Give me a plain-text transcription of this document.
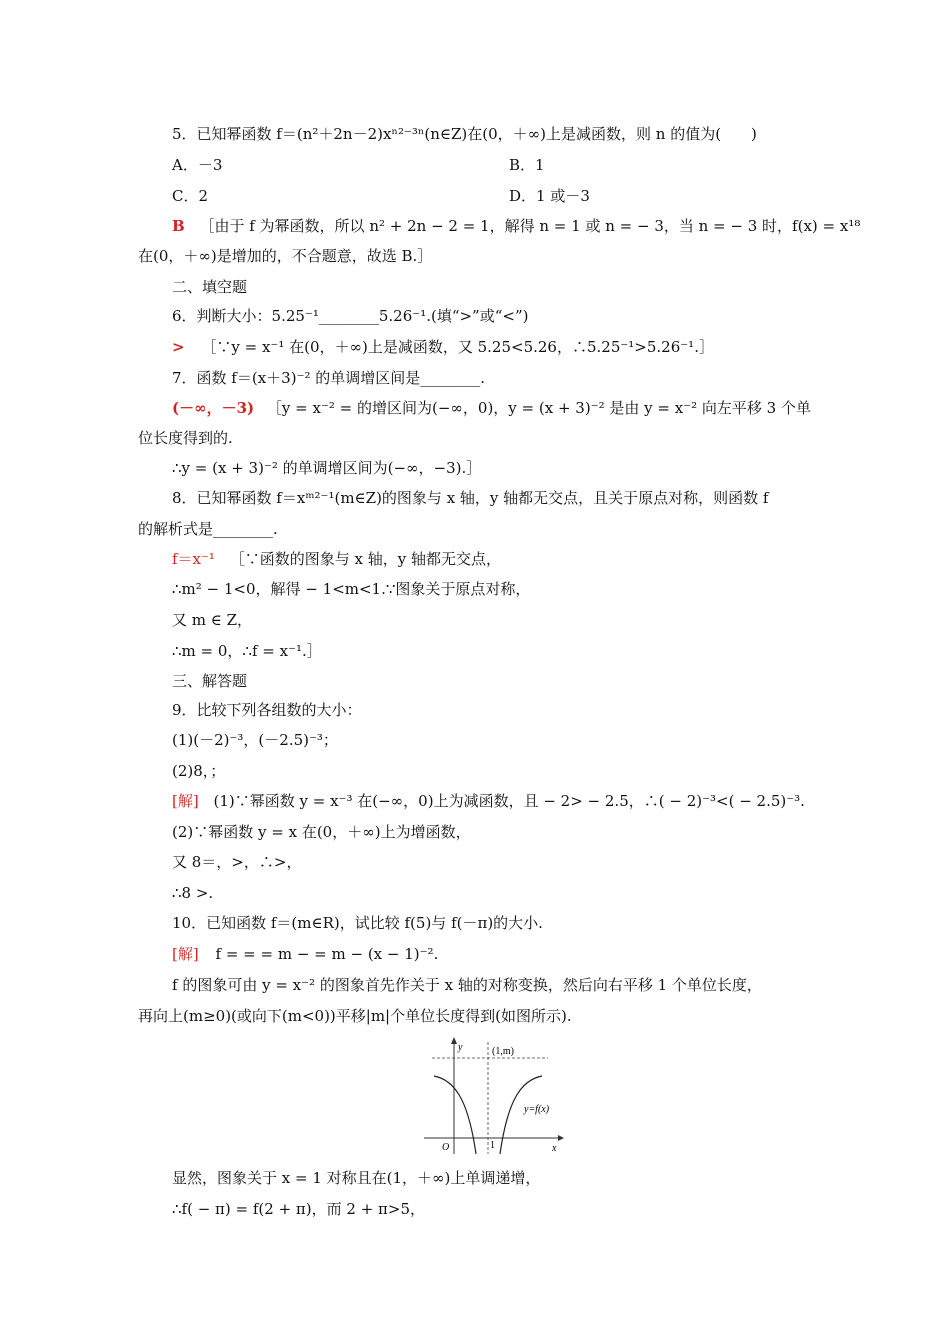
5．已知幂函数 f＝(n²＋2n－2)xⁿ²⁻³ⁿ(n∈Z)在(0，＋∞)上是减函数，则 n 的值为(　　)
A．－3	B．1
C．2	D．1 或－3
B ［由于 f 为幂函数，所以 n² + 2n − 2 = 1，解得 n = 1 或 n = − 3，当 n = − 3 时，f(x) = x¹⁸
在(0，＋∞)是增加的，不合题意，故选 B.］
二、填空题
6．判断大小：5.25⁻¹________5.26⁻¹.(填“>”或“<”)
> ［∵y = x⁻¹ 在(0，＋∞)上是减函数，又 5.25<5.26，∴5.25⁻¹>5.26⁻¹.］
7．函数 f＝(x＋3)⁻² 的单调增区间是________.
(－∞，－3) ［y = x⁻² = 的增区间为(−∞，0)，y = (x + 3)⁻² 是由 y = x⁻² 向左平移 3 个单
位长度得到的.
∴y = (x + 3)⁻² 的单调增区间为(−∞，−3).］
8．已知幂函数 f＝xᵐ²⁻¹(m∈Z)的图象与 x 轴，y 轴都无交点，且关于原点对称，则函数 f
的解析式是________.
f＝x⁻¹ ［∵函数的图象与 x 轴，y 轴都无交点，
∴m² − 1<0，解得 − 1<m<1.∵图象关于原点对称，
又 m ∈ Z，
∴m = 0，∴f = x⁻¹.］
三、解答题
9．比较下列各组数的大小：
(1)(－2)⁻³，(－2.5)⁻³；
(2)8，；
[解] (1)∵幂函数 y = x⁻³ 在(−∞，0)上为减函数，且 − 2> − 2.5，∴( − 2)⁻³<( − 2.5)⁻³.
(2)∵幂函数 y = x 在(0，＋∞)上为增函数，
又 8＝，>，∴>，
∴8 >.
10．已知函数 f＝(m∈R)，试比较 f(5)与 f(－π)的大小.
[解] f = = = m − = m − (x − 1)⁻².
f 的图象可由 y = x⁻² 的图象首先作关于 x 轴的对称变换，然后向右平移 1 个单位长度，
再向上(m≥0)(或向下(m<0))平移|m|个单位长度得到(如图所示).
y
x
O	1
(1,m)
y=f(x)
显然，图象关于 x = 1 对称且在(1，＋∞)上单调递增，
∴f( − π) = f(2 + π)，而 2 + π>5，
